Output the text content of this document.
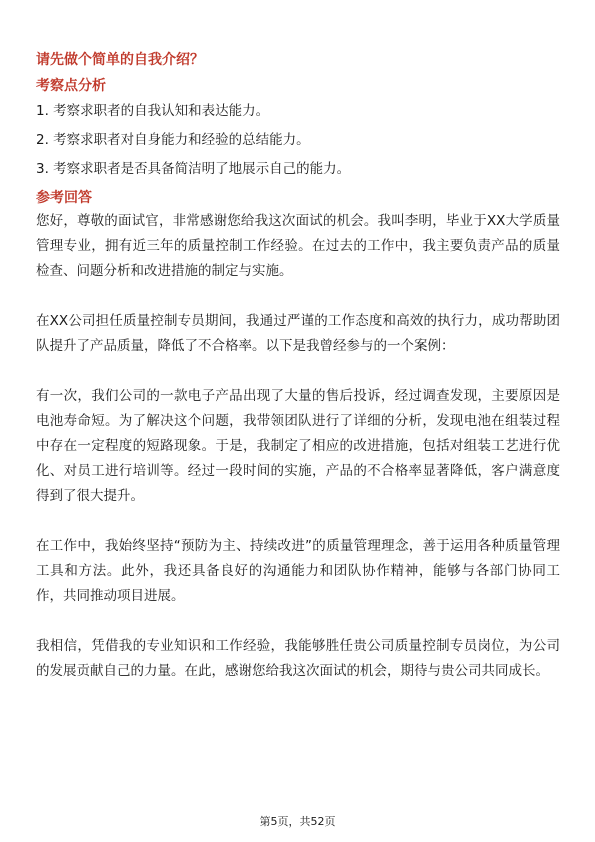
请先做个简单的自我介绍？
考察点分析
1. 考察求职者的自我认知和表达能力。
2. 考察求职者对自身能力和经验的总结能力。
3. 考察求职者是否具备简洁明了地展示自己的能力。
参考回答

您好，尊敬的面试官，非常感谢您给我这次面试的机会。我叫李明，毕业于XX大学质量管理专业，拥有近三年的质量控制工作经验。在过去的工作中，我主要负责产品的质量检查、问题分析和改进措施的制定与实施。

在XX公司担任质量控制专员期间，我通过严谨的工作态度和高效的执行力，成功帮助团队提升了产品质量，降低了不合格率。以下是我曾经参与的一个案例：

有一次，我们公司的一款电子产品出现了大量的售后投诉，经过调查发现，主要原因是电池寿命短。为了解决这个问题，我带领团队进行了详细的分析，发现电池在组装过程中存在一定程度的短路现象。于是，我制定了相应的改进措施，包括对组装工艺进行优化、对员工进行培训等。经过一段时间的实施，产品的不合格率显著降低，客户满意度得到了很大提升。

在工作中，我始终坚持“预防为主、持续改进”的质量管理理念，善于运用各种质量管理工具和方法。此外，我还具备良好的沟通能力和团队协作精神，能够与各部门协同工作，共同推动项目进展。

我相信，凭借我的专业知识和工作经验，我能够胜任贵公司质量控制专员岗位，为公司的发展贡献自己的力量。在此，感谢您给我这次面试的机会，期待与贵公司共同成长。

第5页，共52页
